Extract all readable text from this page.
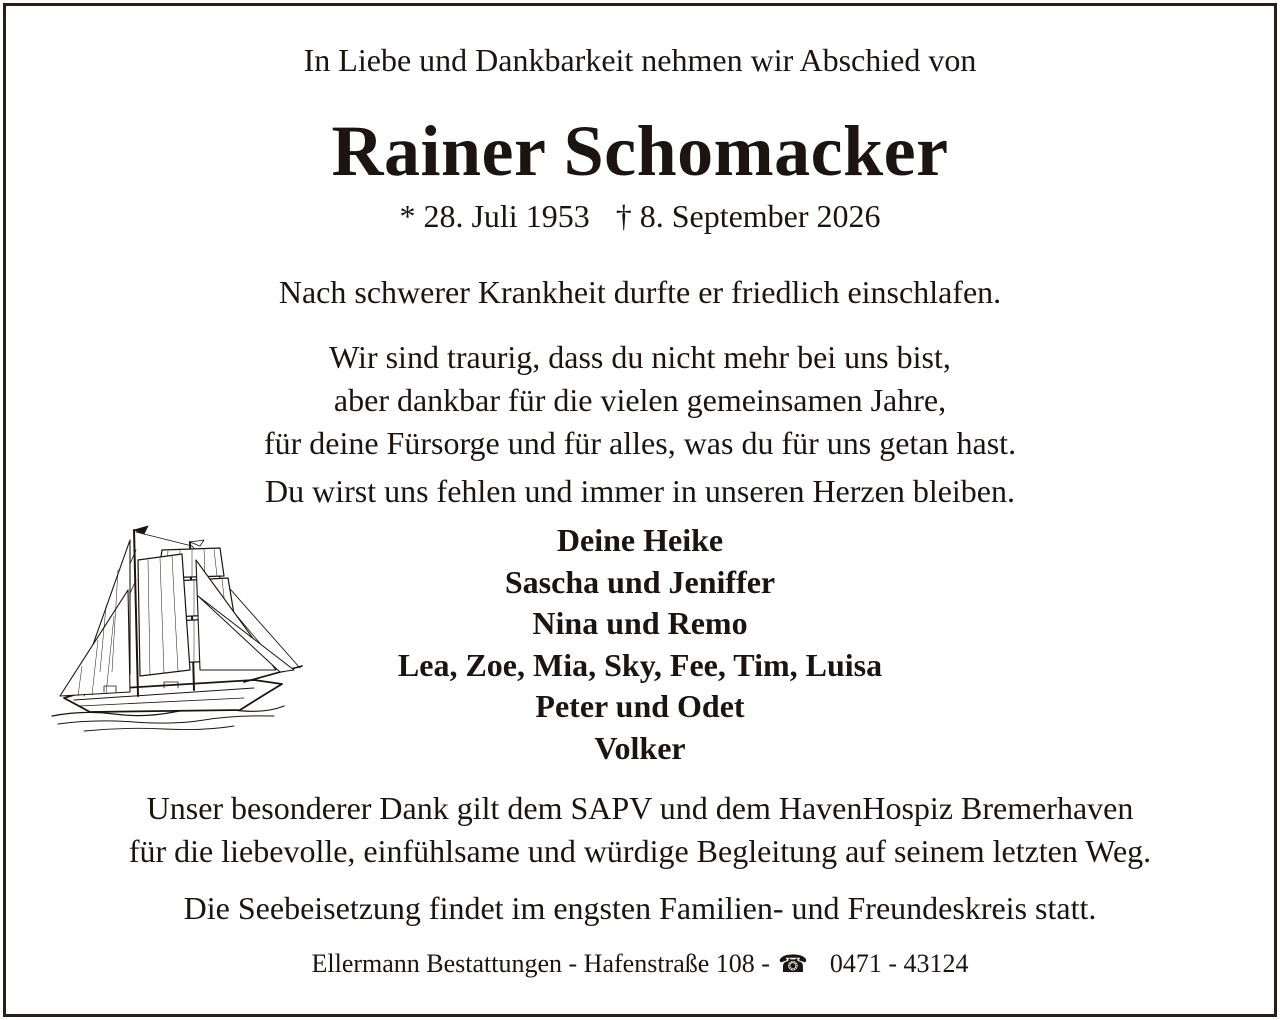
In Liebe und Dankbarkeit nehmen wir Abschied von
Rainer Schomacker
* 28. Juli 1953 † 8. September 2026
Nach schwerer Krankheit durfte er friedlich einschlafen.
Wir sind traurig, dass du nicht mehr bei uns bist,
aber dankbar für die vielen gemeinsamen Jahre,
für deine Fürsorge und für alles, was du für uns getan hast.
Du wirst uns fehlen und immer in unseren Herzen bleiben.
Deine Heike
Sascha und Jeniffer
Nina und Remo
Lea, Zoe, Mia, Sky, Fee, Tim, Luisa
Peter und Odet
Volker
Unser besonderer Dank gilt dem SAPV und dem HavenHospiz Bremerhaven
für die liebevolle, einfühlsame und würdige Begleitung auf seinem letzten Weg.
Die Seebeisetzung findet im engsten Familien- und Freundeskreis statt.
Ellermann Bestattungen - Hafenstraße 108 - ☎ 0471 - 43124
